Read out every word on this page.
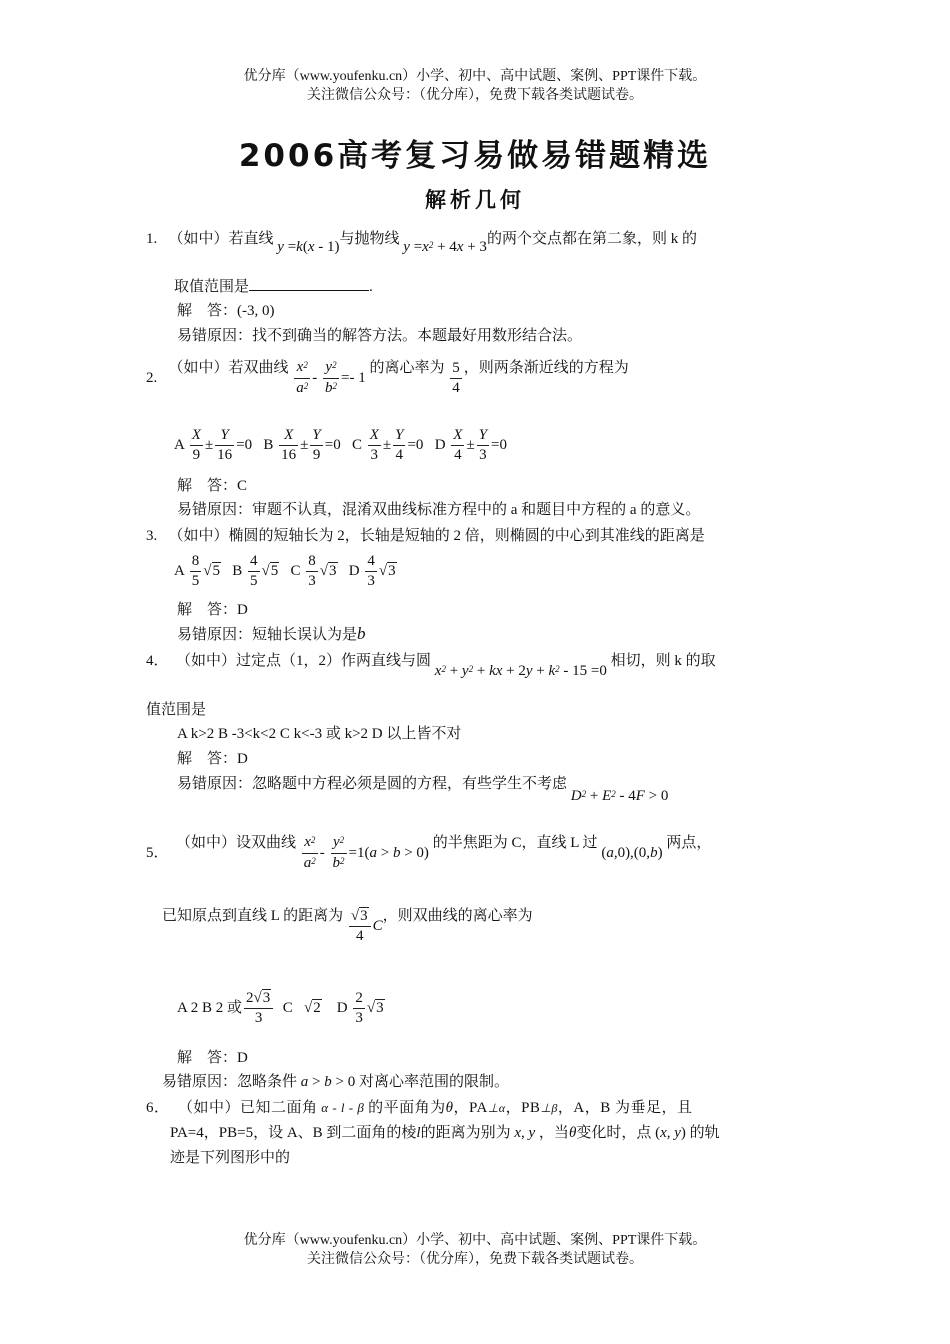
优分库（www.youfenku.cn）小学、初中、高中试题、案例、PPT课件下载。
关注微信公众号：（优分库），免费下载各类试题试卷。
2006高考复习易做易错题精选
解析几何
1. （如中）若直线 y =k(x - 1)与抛物线 $y =x^2 + 4x + 3$的两个交点都在第二象，则 k 的
取值范围是	.
解　答：(-3, 0)
易错原因：找不到确当的解答方法。本题最好用数形结合法。
2.   （如中）若双曲线 $\frac{x^2}{a^2} - \frac{y^2}{b^2} =- 1$ 的离心率为 $\frac{5}{4}$ ，则两条渐近线的方程为
A $\frac{X}{9} \pm \frac{Y}{16} =0$   B $\frac{X}{16} \pm \frac{Y}{9} =0$   C $\frac{X}{3} \pm \frac{Y}{4} =0$   D $\frac{X}{4} \pm \frac{Y}{3} =0$
解　答：C
易错原因：审题不认真，混淆双曲线标准方程中的 a 和题目中方程的 a 的意义。
3. （如中）椭圆的短轴长为 2，长轴是短轴的 2 倍，则椭圆的中心到其准线的距离是
A $\frac{8}{5} √5$ B $\frac{4}{5} √5$ C $\frac{8}{3} √3$ D $\frac{4}{3} √3$
解　答：D
易错原因：短轴长误认为是b
4． （如中）过定点（1，2）作两直线与圆 $x^2 + y^2$ + kx + $2y + k^2 - 15 =0$ 相切，则 k 的取
值范围是
A k>2 B -3<k<2 C k<-3 或 k>2 D 以上皆不对
解　答：D
易错原因：忽略题中方程必须是圆的方程，有些学生不考虑 $D^2 + E^2 - 4F > 0$
5．  （如中）设双曲线 $\frac{x^2}{a^2} - \frac{y^2}{b^2} =1(a > b > 0)$ 的半焦距为 C，直线 L 过 (a,0),(0,b) 两点，
已知原点到直线 L 的距离为 $\frac{√3}{4}$ C，则双曲线的离心率为
A 2 B 2 或 $\frac{2√3}{3}$ C √2 D $\frac{2}{3} √3$
解　答：D
易错原因：忽略条件 a > b > 0 对离心率范围的限制。
6． （如中）已知二面角 α - l - β 的平面角为θ，PA⊥α，PB⊥β，A，B 为垂足，且
PA=4，PB=5，设 A、B 到二面角的棱l的距离为别为 x, y ，当θ变化时，点 (x, y) 的轨
迹是下列图形中的
优分库（www.youfenku.cn）小学、初中、高中试题、案例、PPT课件下载。
关注微信公众号：（优分库），免费下载各类试题试卷。
